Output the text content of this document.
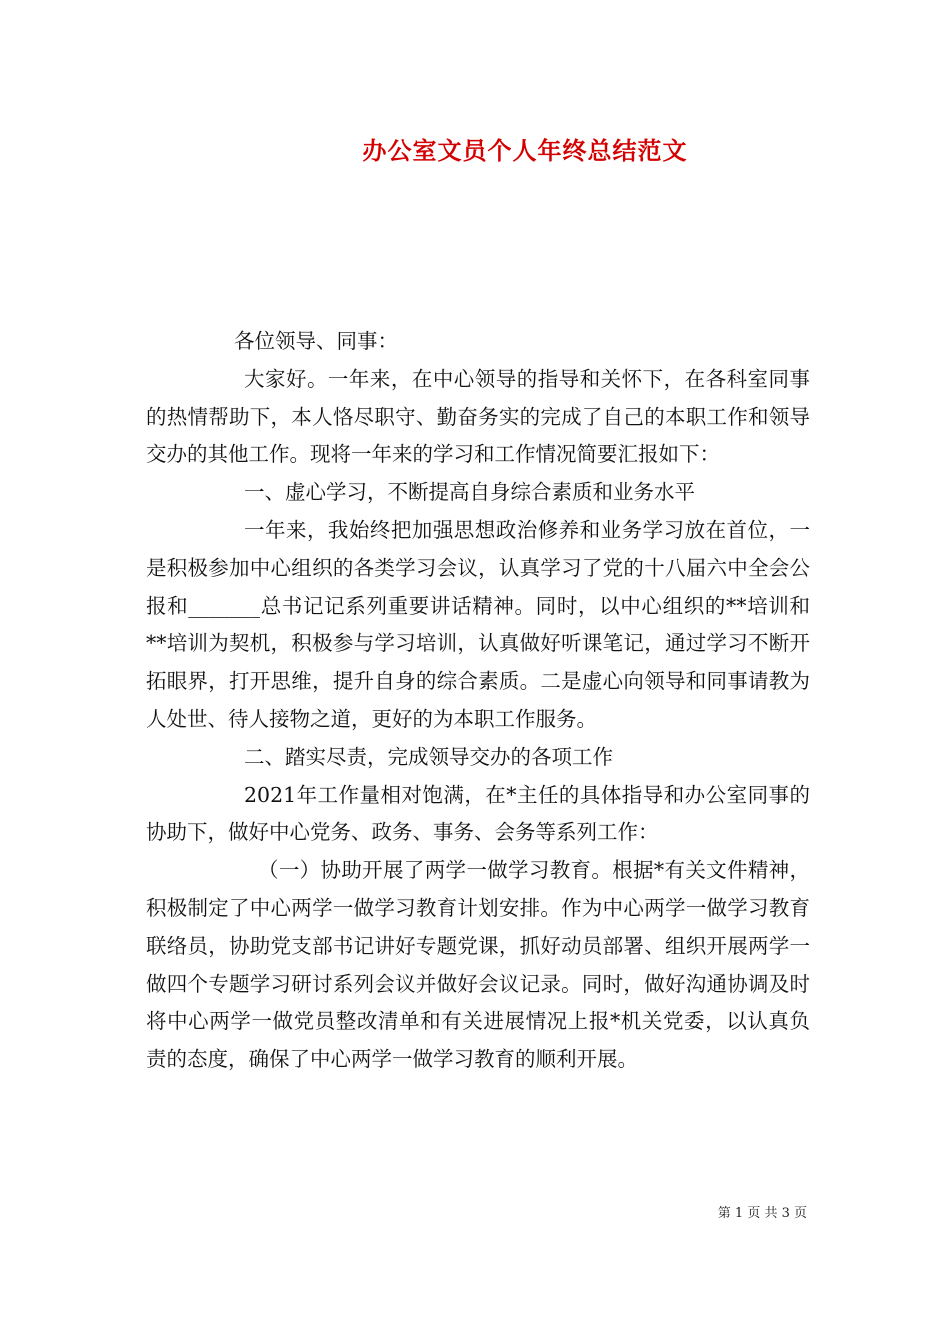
办公室文员个人年终总结范文

各位领导、同事：

大家好。一年来，在中心领导的指导和关怀下，在各科室同事的热情帮助下，本人恪尽职守、勤奋务实的完成了自己的本职工作和领导交办的其他工作。现将一年来的学习和工作情况简要汇报如下：

一、虚心学习，不断提高自身综合素质和业务水平

一年来，我始终把加强思想政治修养和业务学习放在首位，一是积极参加中心组织的各类学习会议，认真学习了党的十八届六中全会公报和_______总书记记系列重要讲话精神。同时，以中心组织的**培训和**培训为契机，积极参与学习培训，认真做好听课笔记，通过学习不断开拓眼界，打开思维，提升自身的综合素质。二是虚心向领导和同事请教为人处世、待人接物之道，更好的为本职工作服务。

二、踏实尽责，完成领导交办的各项工作

2021年工作量相对饱满，在*主任的具体指导和办公室同事的协助下，做好中心党务、政务、事务、会务等系列工作：

（一）协助开展了两学一做学习教育。根据*有关文件精神，积极制定了中心两学一做学习教育计划安排。作为中心两学一做学习教育联络员，协助党支部书记讲好专题党课，抓好动员部署、组织开展两学一做四个专题学习研讨系列会议并做好会议记录。同时，做好沟通协调及时将中心两学一做党员整改清单和有关进展情况上报*机关党委，以认真负责的态度，确保了中心两学一做学习教育的顺利开展。

第 1 页 共 3 页
